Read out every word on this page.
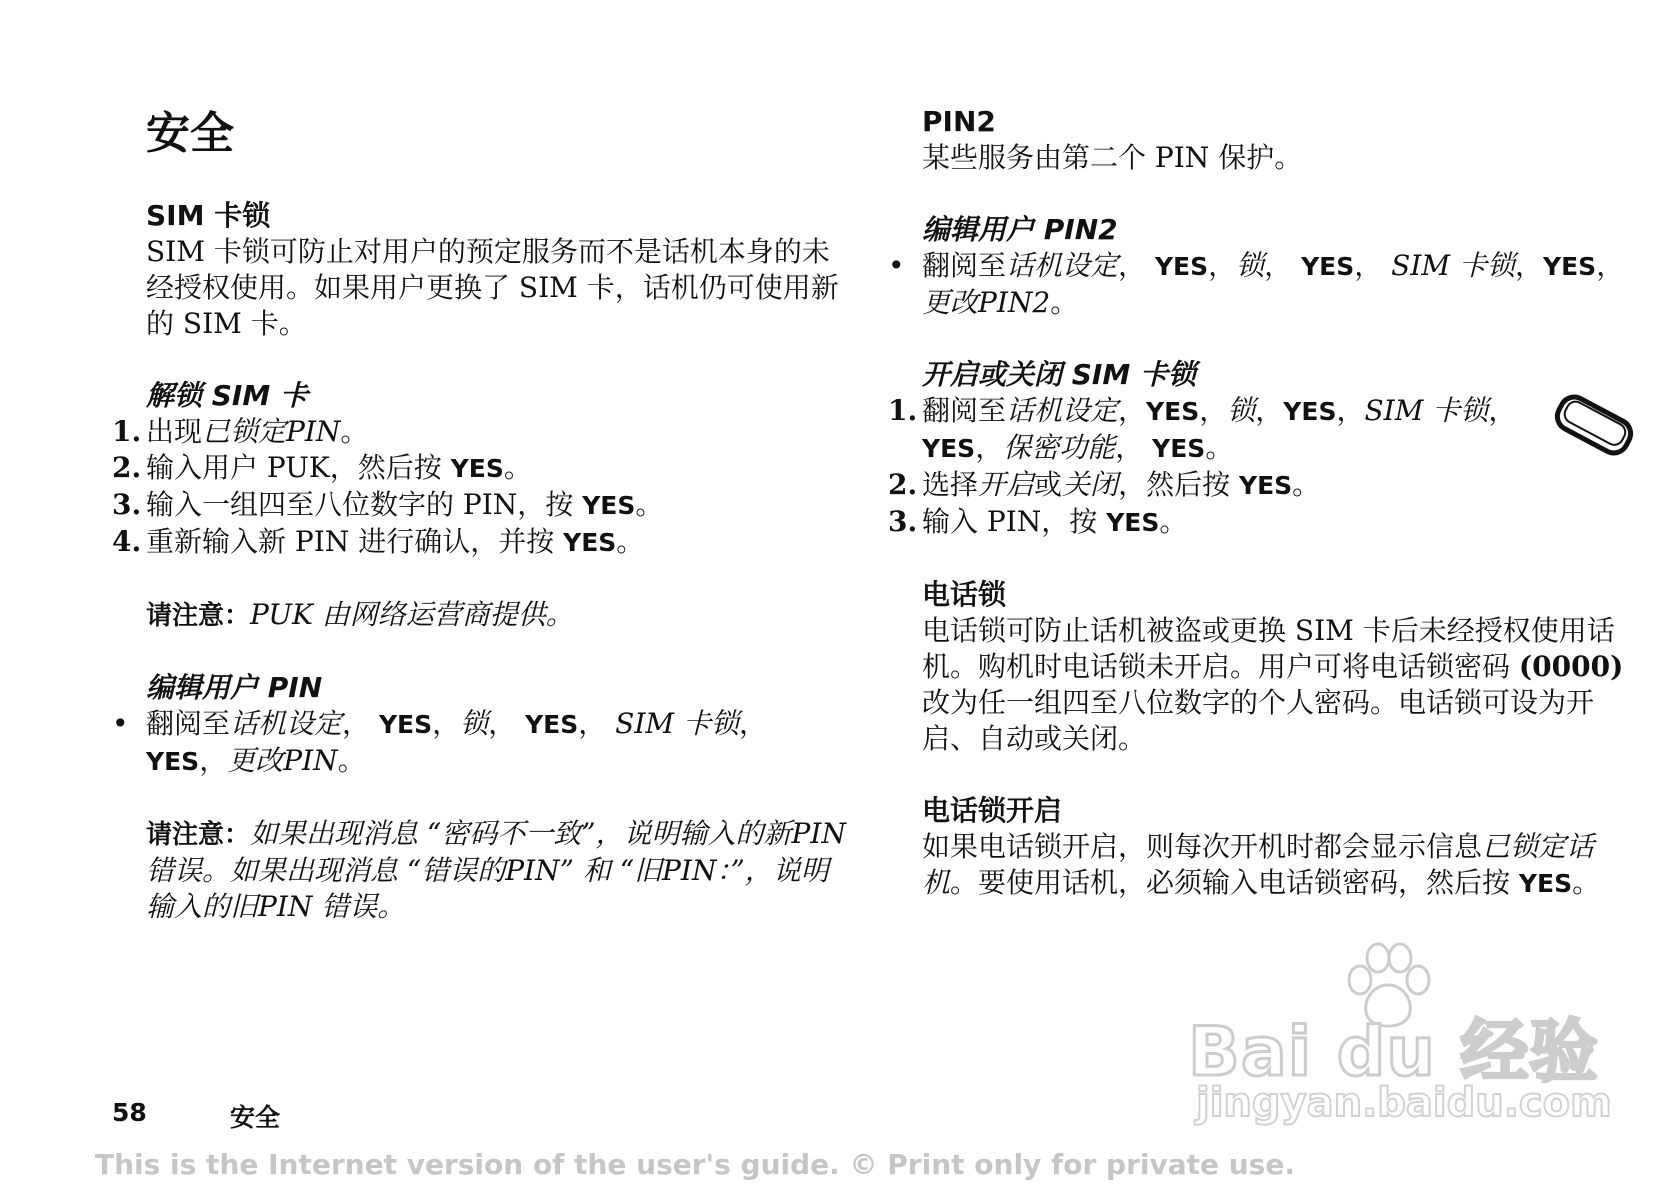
安全
SIM 卡锁

SIM 卡锁可防止对用户的预定服务而不是话机本身的未经授权使用。如果用户更换了 SIM 卡，话机仍可使用新的 SIM 卡。

解锁 SIM 卡
1. 出现已锁定PIN。
2. 输入用户 PUK，然后按 YES。
3. 输入一组四至八位数字的 PIN，按 YES。
4. 重新输入新 PIN 进行确认，并按 YES。

请注意：PUK 由网络运营商提供。

编辑用户 PIN
• 翻阅至话机设定， YES，锁， YES， SIM 卡锁，YES，更改PIN。

请注意：如果出现消息 “密码不一致”，说明输入的新PIN 错误。如果出现消息 “错误的PIN” 和 “旧PIN：”，说明输入的旧PIN 错误。

PIN2

某些服务由第二个 PIN 保护。

编辑用户 PIN2
• 翻阅至话机设定， YES，锁， YES， SIM 卡锁，YES，更改PIN2。
开启或关闭 SIM 卡锁
1. 翻阅至话机设定，YES，锁，YES，SIM 卡锁， YES，保密功能， YES。
2. 选择开启或关闭，然后按 YES。
3. 输入 PIN，按 YES。
电话锁

电话锁可防止话机被盗或更换 SIM 卡后未经授权使用话机。购机时电话锁未开启。用户可将电话锁密码 (0000) 改为任一组四至八位数字的个人密码。电话锁可设为开启、自动或关闭。

电话锁开启

如果电话锁开启，则每次开机时都会显示信息已锁定话机。要使用话机，必须输入电话锁密码，然后按 YES。

58	安全
This is the Internet version of the user's guide. © Print only for private use.
Bai du 经验
jingyan.baidu.com
